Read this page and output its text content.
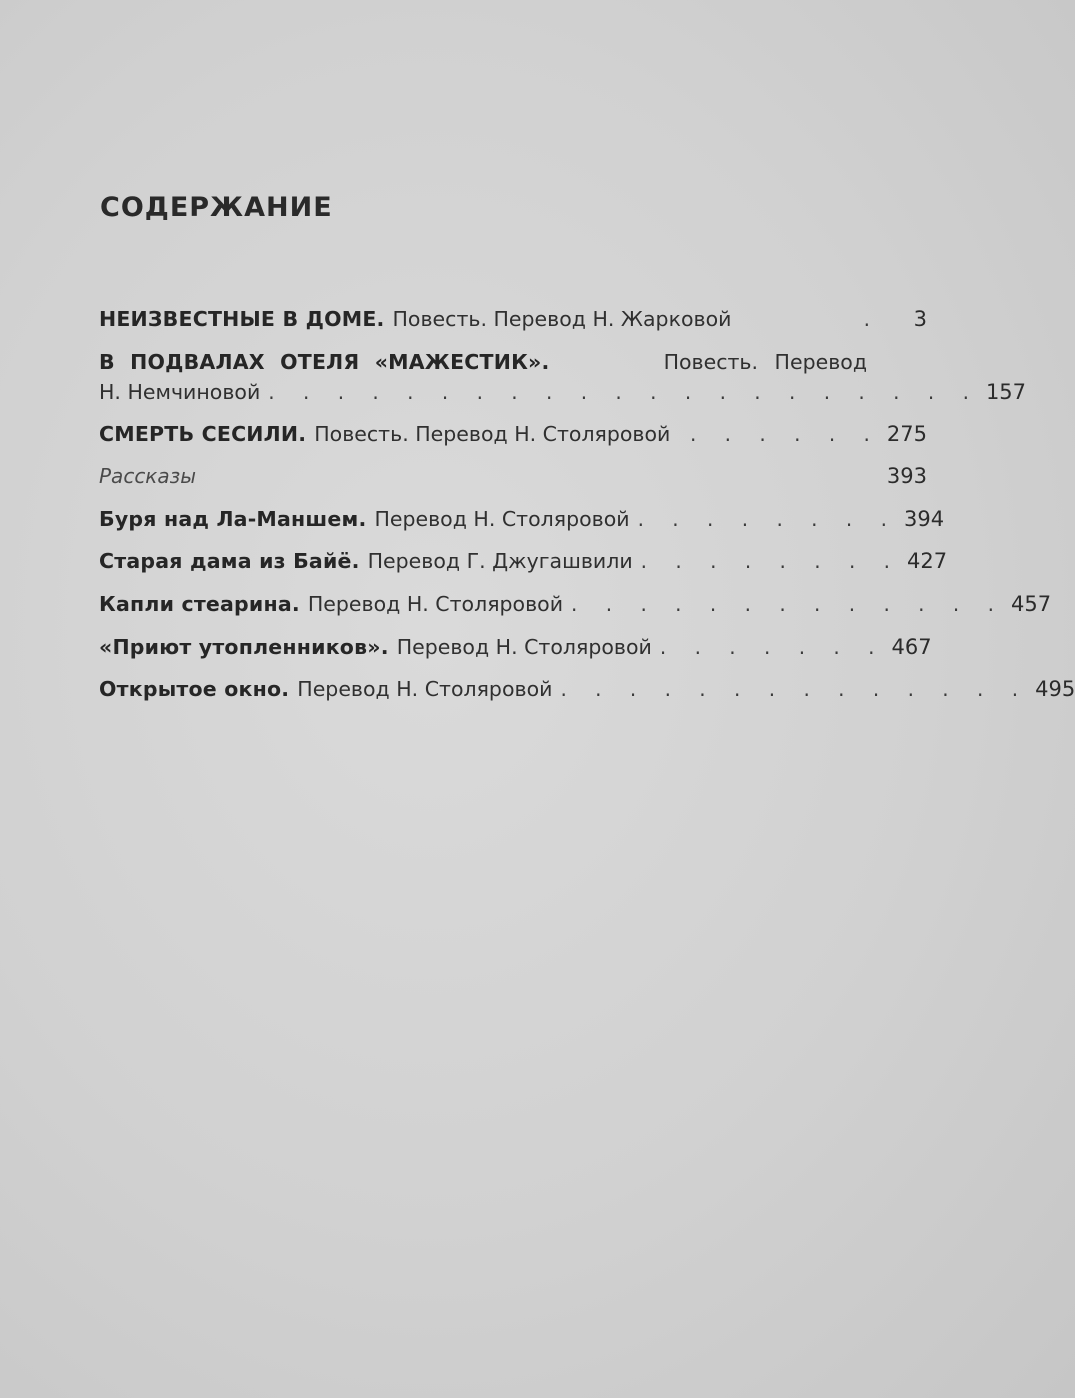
СОДЕРЖАНИЕ
НЕИЗВЕСТНЫЕ В ДОМЕ. Повесть. Перевод Н. Жарковой	.	3
В ПОДВАЛАХ ОТЕЛЯ «МАЖЕСТИК».	Повесть. Перевод
Н. Немчиновой . . . . . . . . . . . . . . . . . . . . . 157
СМЕРТЬ СЕСИЛИ. Повесть. Перевод Н. Столяровой . . . . . . 275
Рассказы	393
Буря над Ла-Маншем. Перевод Н. Столяровой . . . . . . . . 394
Старая дама из Байё. Перевод Г. Джугашвили . . . . . . . . 427
Капли стеарина. Перевод Н. Столяровой . . . . . . . . . . . . . 457
«Приют утопленников». Перевод Н. Столяровой . . . . . . . 467
Открытое окно. Перевод Н. Столяровой . . . . . . . . . . . . . . 495
